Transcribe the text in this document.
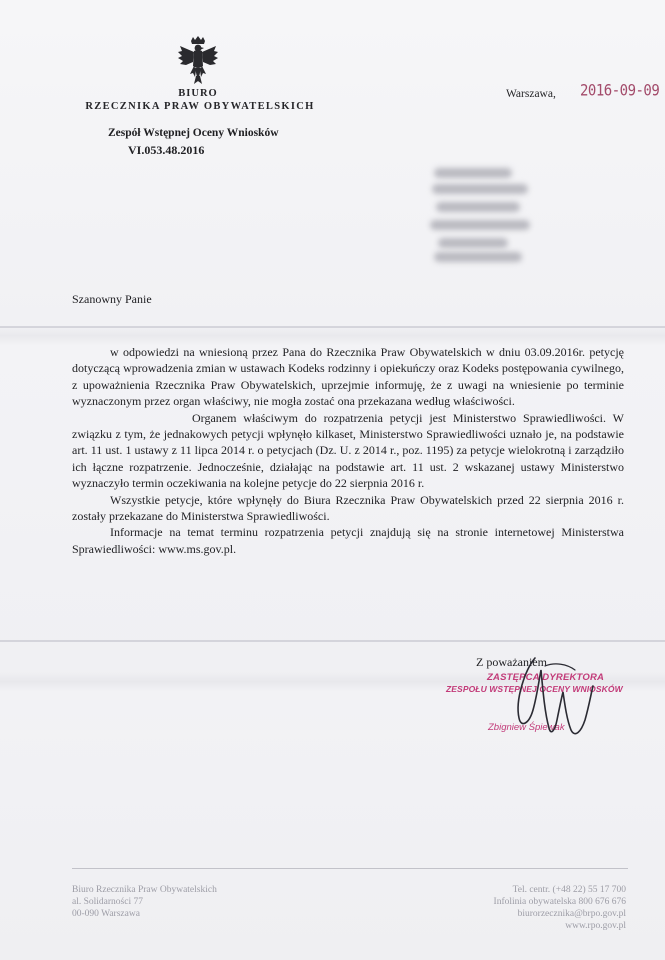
BIURO
RZECZNIKA PRAW OBYWATELSKICH
Zespół Wstępnej Oceny Wniosków
VI.053.48.2016
Warszawa, 2016-09-09
Szanowny Panie

w odpowiedzi na wniesioną przez Pana do Rzecznika Praw Obywatelskich w dniu 03.09.2016r. petycję dotyczącą wprowadzenia zmian w ustawach Kodeks rodzinny i opiekuńczy oraz Kodeks postępowania cywilnego, z upoważnienia Rzecznika Praw Obywatelskich, uprzejmie informuję, że z uwagi na wniesienie po terminie wyznaczonym przez organ właściwy, nie mogła zostać ona przekazana według właściwości.

Organem właściwym do rozpatrzenia petycji jest Ministerstwo Sprawiedliwości. W związku z tym, że jednakowych petycji wpłynęło kilkaset, Ministerstwo Sprawiedliwości uznało je, na podstawie art. 11 ust. 1 ustawy z 11 lipca 2014 r. o petycjach (Dz. U. z 2014 r., poz. 1195) za petycje wielokrotną i zarządziło ich łączne rozpatrzenie. Jednocześnie, działając na podstawie art. 11 ust. 2 wskazanej ustawy Ministerstwo wyznaczyło termin oczekiwania na kolejne petycje do 22 sierpnia 2016 r.

Wszystkie petycje, które wpłynęły do Biura Rzecznika Praw Obywatelskich przed 22 sierpnia 2016 r. zostały przekazane do Ministerstwa Sprawiedliwości.

Informacje na temat terminu rozpatrzenia petycji znajdują się na stronie internetowej Ministerstwa Sprawiedliwości: www.ms.gov.pl.

Z poważaniem
ZASTĘPCA DYREKTORA
ZESPOŁU WSTĘPNEJ OCENY WNIOSKÓW
Zbigniew Śpiewak
Biuro Rzecznika Praw Obywatelskich
al. Solidarności 77
00-090 Warszawa
Tel. centr. (+48 22) 55 17 700
Infolinia obywatelska 800 676 676
biurorzecznika@brpo.gov.pl
www.rpo.gov.pl
